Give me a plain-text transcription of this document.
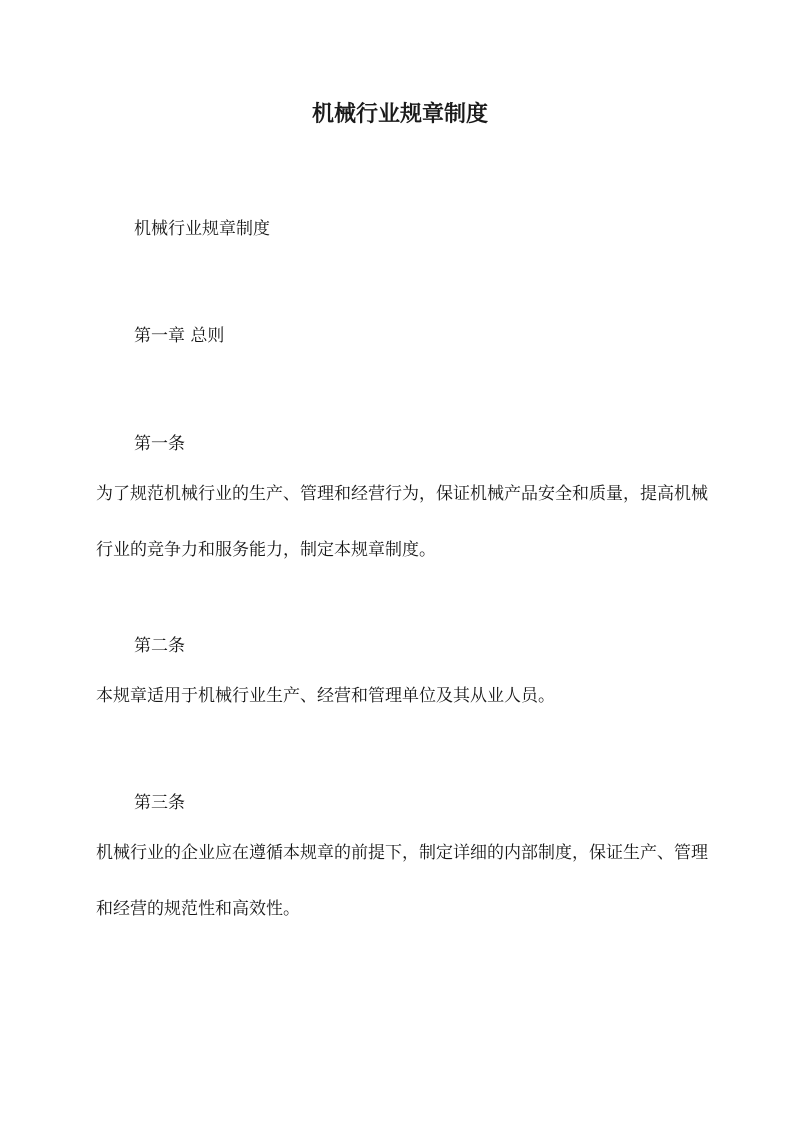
机械行业规章制度
机械行业规章制度
第一章 总则
第一条
为了规范机械行业的生产、管理和经营行为，保证机械产品安全和质量，提高机械行业的竞争力和服务能力，制定本规章制度。
第二条
本规章适用于机械行业生产、经营和管理单位及其从业人员。
第三条
机械行业的企业应在遵循本规章的前提下，制定详细的内部制度，保证生产、管理和经营的规范性和高效性。
